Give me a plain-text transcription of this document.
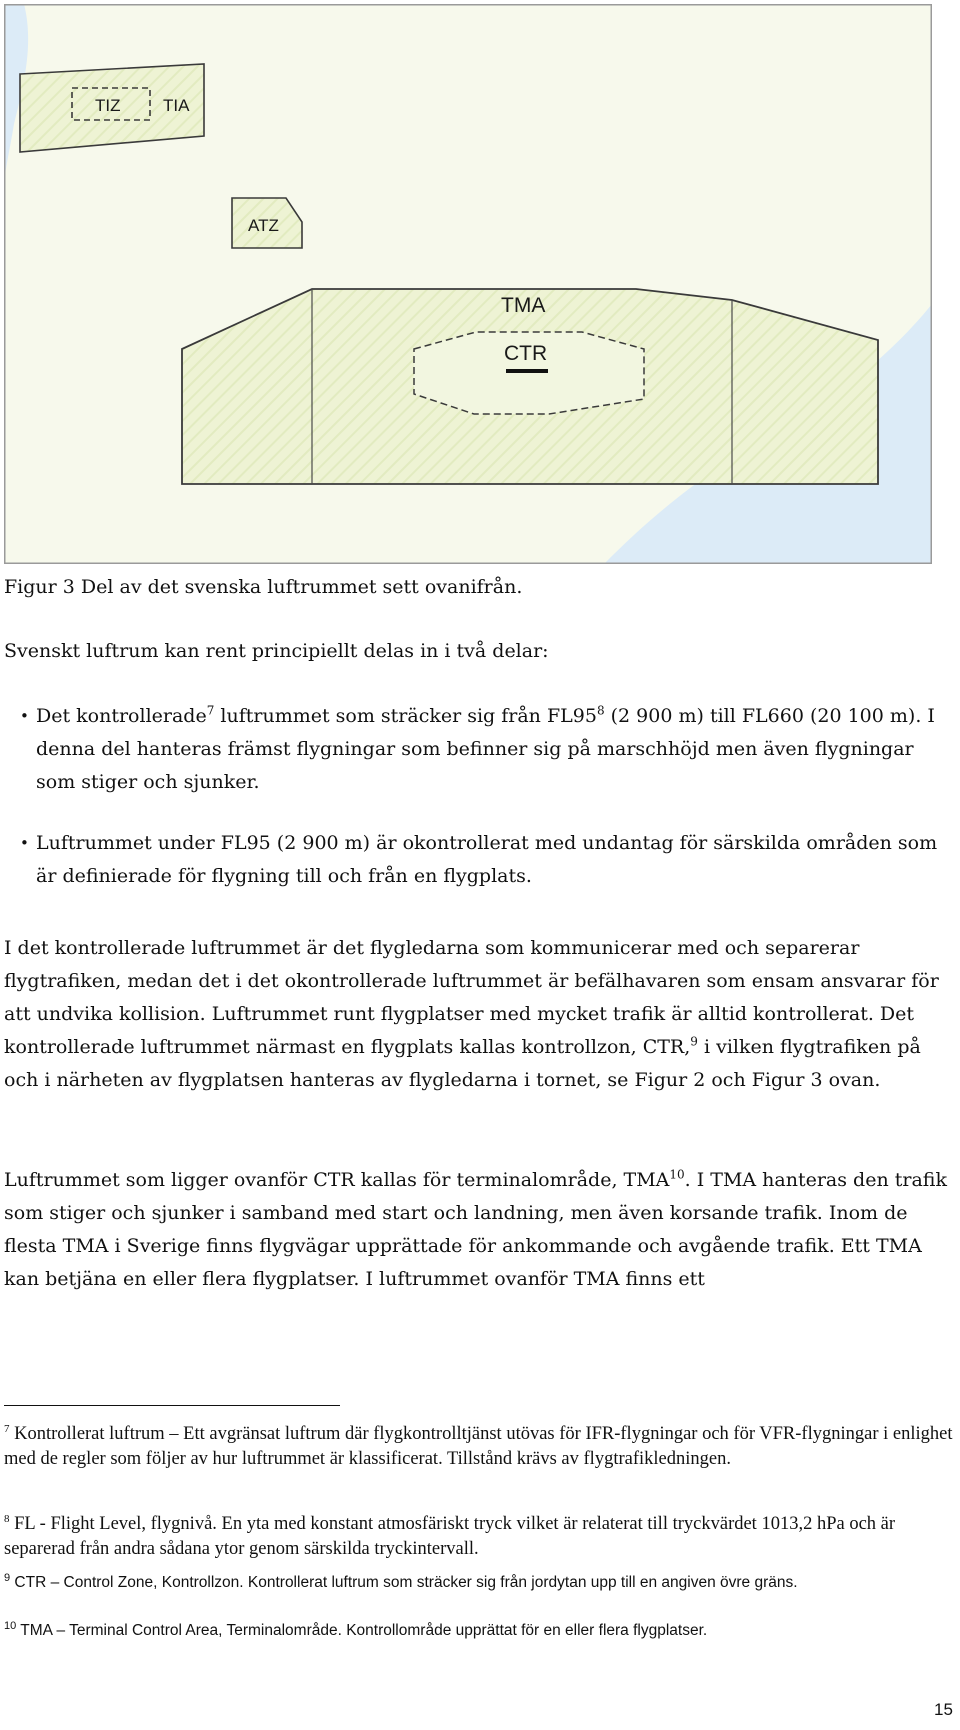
TIZ	TIA
ATZ
TMA
CTR
Figur 3 Del av det svenska luftrummet sett ovanifrån.
Svenskt luftrum kan rent principiellt delas in i två delar:
• Det kontrollerade$^7$ luftrummet som sträcker sig från $FL95^8$ (2 900 m) till FL660 (20 100 m). I denna del hanteras främst flygningar som befinner sig på marschhöjd men även flygningar som stiger och sjunker.
• Luftrummet under FL95 (2 900 m) är okontrollerat med undantag för särskilda områden som är definierade för flygning till och från en flygplats.

I det kontrollerade luftrummet är det flygledarna som kommunicerar med och separerar flygtrafiken, medan det i det okontrollerade luftrummet är befälhavaren som ensam ansvarar för att undvika kollision. Luftrummet runt flygplatser med mycket trafik är alltid kontrollerat. Det kontrollerade luftrummet närmast en flygplats kallas kontrollzon, CTR,$^9$ i vilken flygtrafiken på och i närheten av flygplatsen hanteras av flygledarna i tornet, se Figur 2 och Figur 3 ovan.

Luftrummet som ligger ovanför CTR kallas för terminalområde, TMA$^{10}$. I TMA hanteras den trafik som stiger och sjunker i samband med start och landning, men även korsande trafik. Inom de flesta TMA i Sverige finns flygvägar upprättade för ankommande och avgående trafik. Ett TMA kan betjäna en eller flera flygplatser. I luftrummet ovanför TMA finns ett

$^7$ Kontrollerat luftrum – Ett avgränsat luftrum där flygkontrolltjänst utövas för IFR-flygningar och för VFR-flygningar i enlighet med de regler som följer av hur luftrummet är klassificerat. Tillstånd krävs av flygtrafikledningen.

$^8$ FL - Flight Level, flygnivå. En yta med konstant atmosfäriskt tryck vilket är relaterat till tryckvärdet 1013,2 hPa och är separerad från andra sådana ytor genom särskilda tryckintervall.

$^9$ CTR – Control Zone, Kontrollzon. Kontrollerat luftrum som sträcker sig från jordytan upp till en angiven övre gräns.

$^{10}$ TMA – Terminal Control Area, Terminalområde. Kontrollområde upprättat för en eller flera flygplatser.

15
